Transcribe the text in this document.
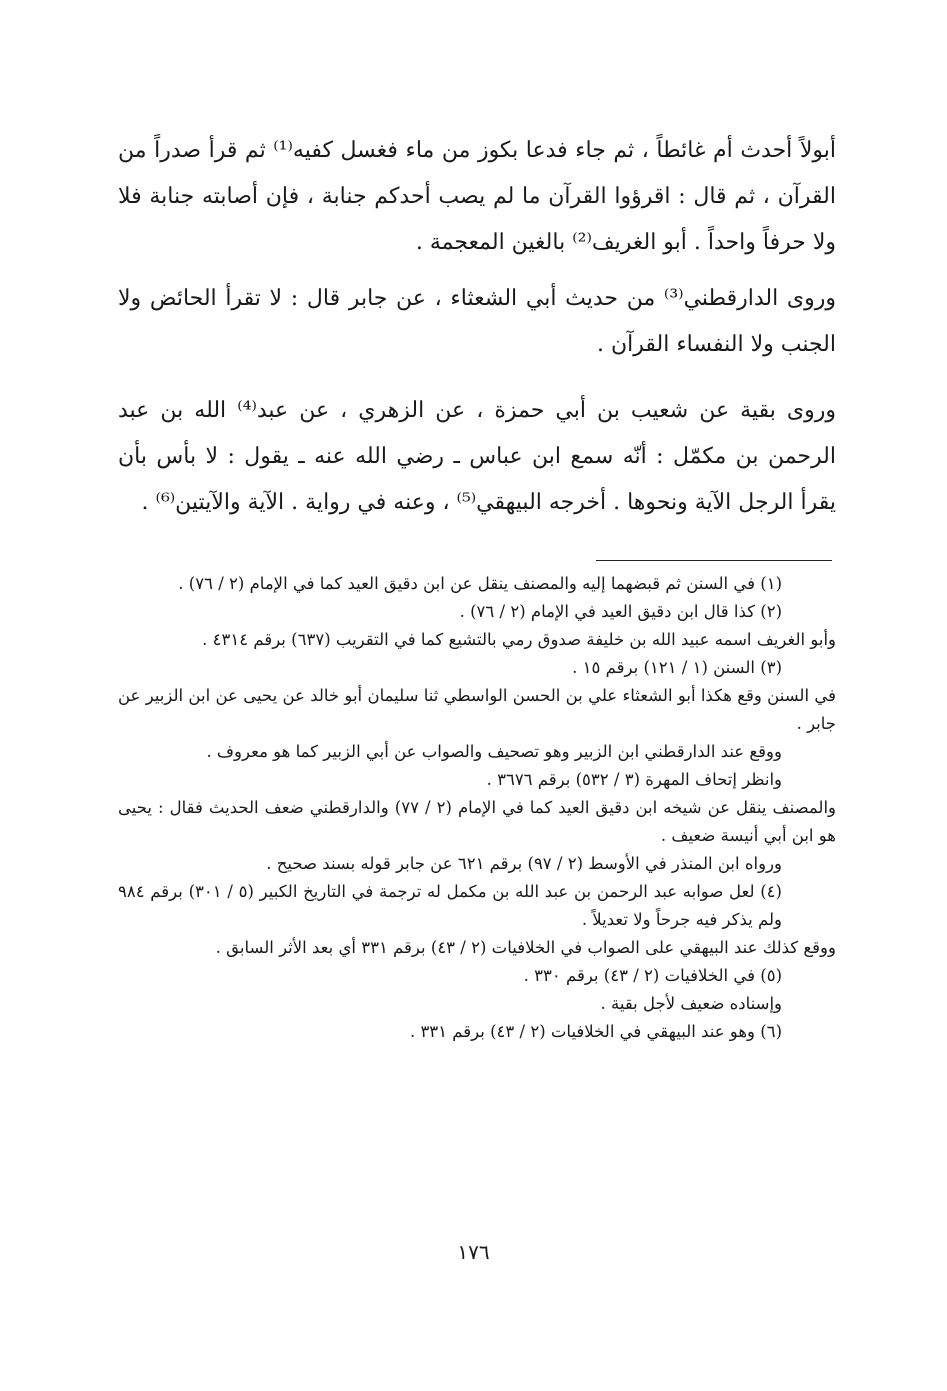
أبولاً أحدث أم غائطاً ، ثم جاء فدعا بكوز من ماء فغسل كفيه⁽¹⁾ ثم قرأ صدراً من القرآن ، ثم قال : اقرؤوا القرآن ما لم يصب أحدكم جنابة ، فإن أصابته جنابة فلا ولا حرفاً واحداً . أبو الغريف⁽²⁾ بالغين المعجمة .

وروى الدارقطني⁽³⁾ من حديث أبي الشعثاء ، عن جابر قال : لا تقرأ الحائض ولا الجنب ولا النفساء القرآن .

وروى بقية عن شعيب بن أبي حمزة ، عن الزهري ، عن عبد⁽⁴⁾ الله بن عبد الرحمن بن مكمّل : أنّه سمع ابن عباس ـ رضي الله عنه ـ يقول : لا بأس بأن يقرأ الرجل الآية ونحوها . أخرجه البيهقي⁽⁵⁾ ، وعنه في رواية . الآية والآيتين⁽⁶⁾ .

(١) في السنن ثم قبضهما إليه والمصنف ينقل عن ابن دقيق العيد كما في الإمام (٢ / ٧٦) .

(٢) كذا قال ابن دقيق العيد في الإمام (٢ / ٧٦) .

وأبو الغريف اسمه عبيد الله بن خليفة صدوق رمي بالتشيع كما في التقريب (٦٣٧) برقم ٤٣١٤ .

(٣) السنن (١ / ١٢١) برقم ١٥ .

في السنن وقع هكذا أبو الشعثاء علي بن الحسن الواسطي ثنا سليمان أبو خالد عن يحيى عن ابن الزبير عن جابر .

ووقع عند الدارقطني ابن الزبير وهو تصحيف والصواب عن أبي الزبير كما هو معروف .

وانظر إتحاف المهرة (٣ / ٥٣٢) برقم ٣٦٧٦ .

والمصنف ينقل عن شيخه ابن دقيق العيد كما في الإمام (٢ / ٧٧) والدارقطني ضعف الحديث فقال : يحيى هو ابن أبي أنيسة ضعيف .

ورواه ابن المنذر في الأوسط (٢ / ٩٧) برقم ٦٢١ عن جابر قوله بسند صحيح .

(٤) لعل صوابه عبد الرحمن بن عبد الله بن مكمل له ترجمة في التاريخ الكبير (٥ / ٣٠١) برقم ٩٨٤ ولم يذكر فيه جرحاً ولا تعديلاً .

ووقع كذلك عند البيهقي على الصواب في الخلافيات (٢ / ٤٣) برقم ٣٣١ أي بعد الأثر السابق .

(٥) في الخلافيات (٢ / ٤٣) برقم ٣٣٠ .

وإسناده ضعيف لأجل بقية .

(٦) وهو عند البيهقي في الخلافيات (٢ / ٤٣) برقم ٣٣١ .

١٧٦
